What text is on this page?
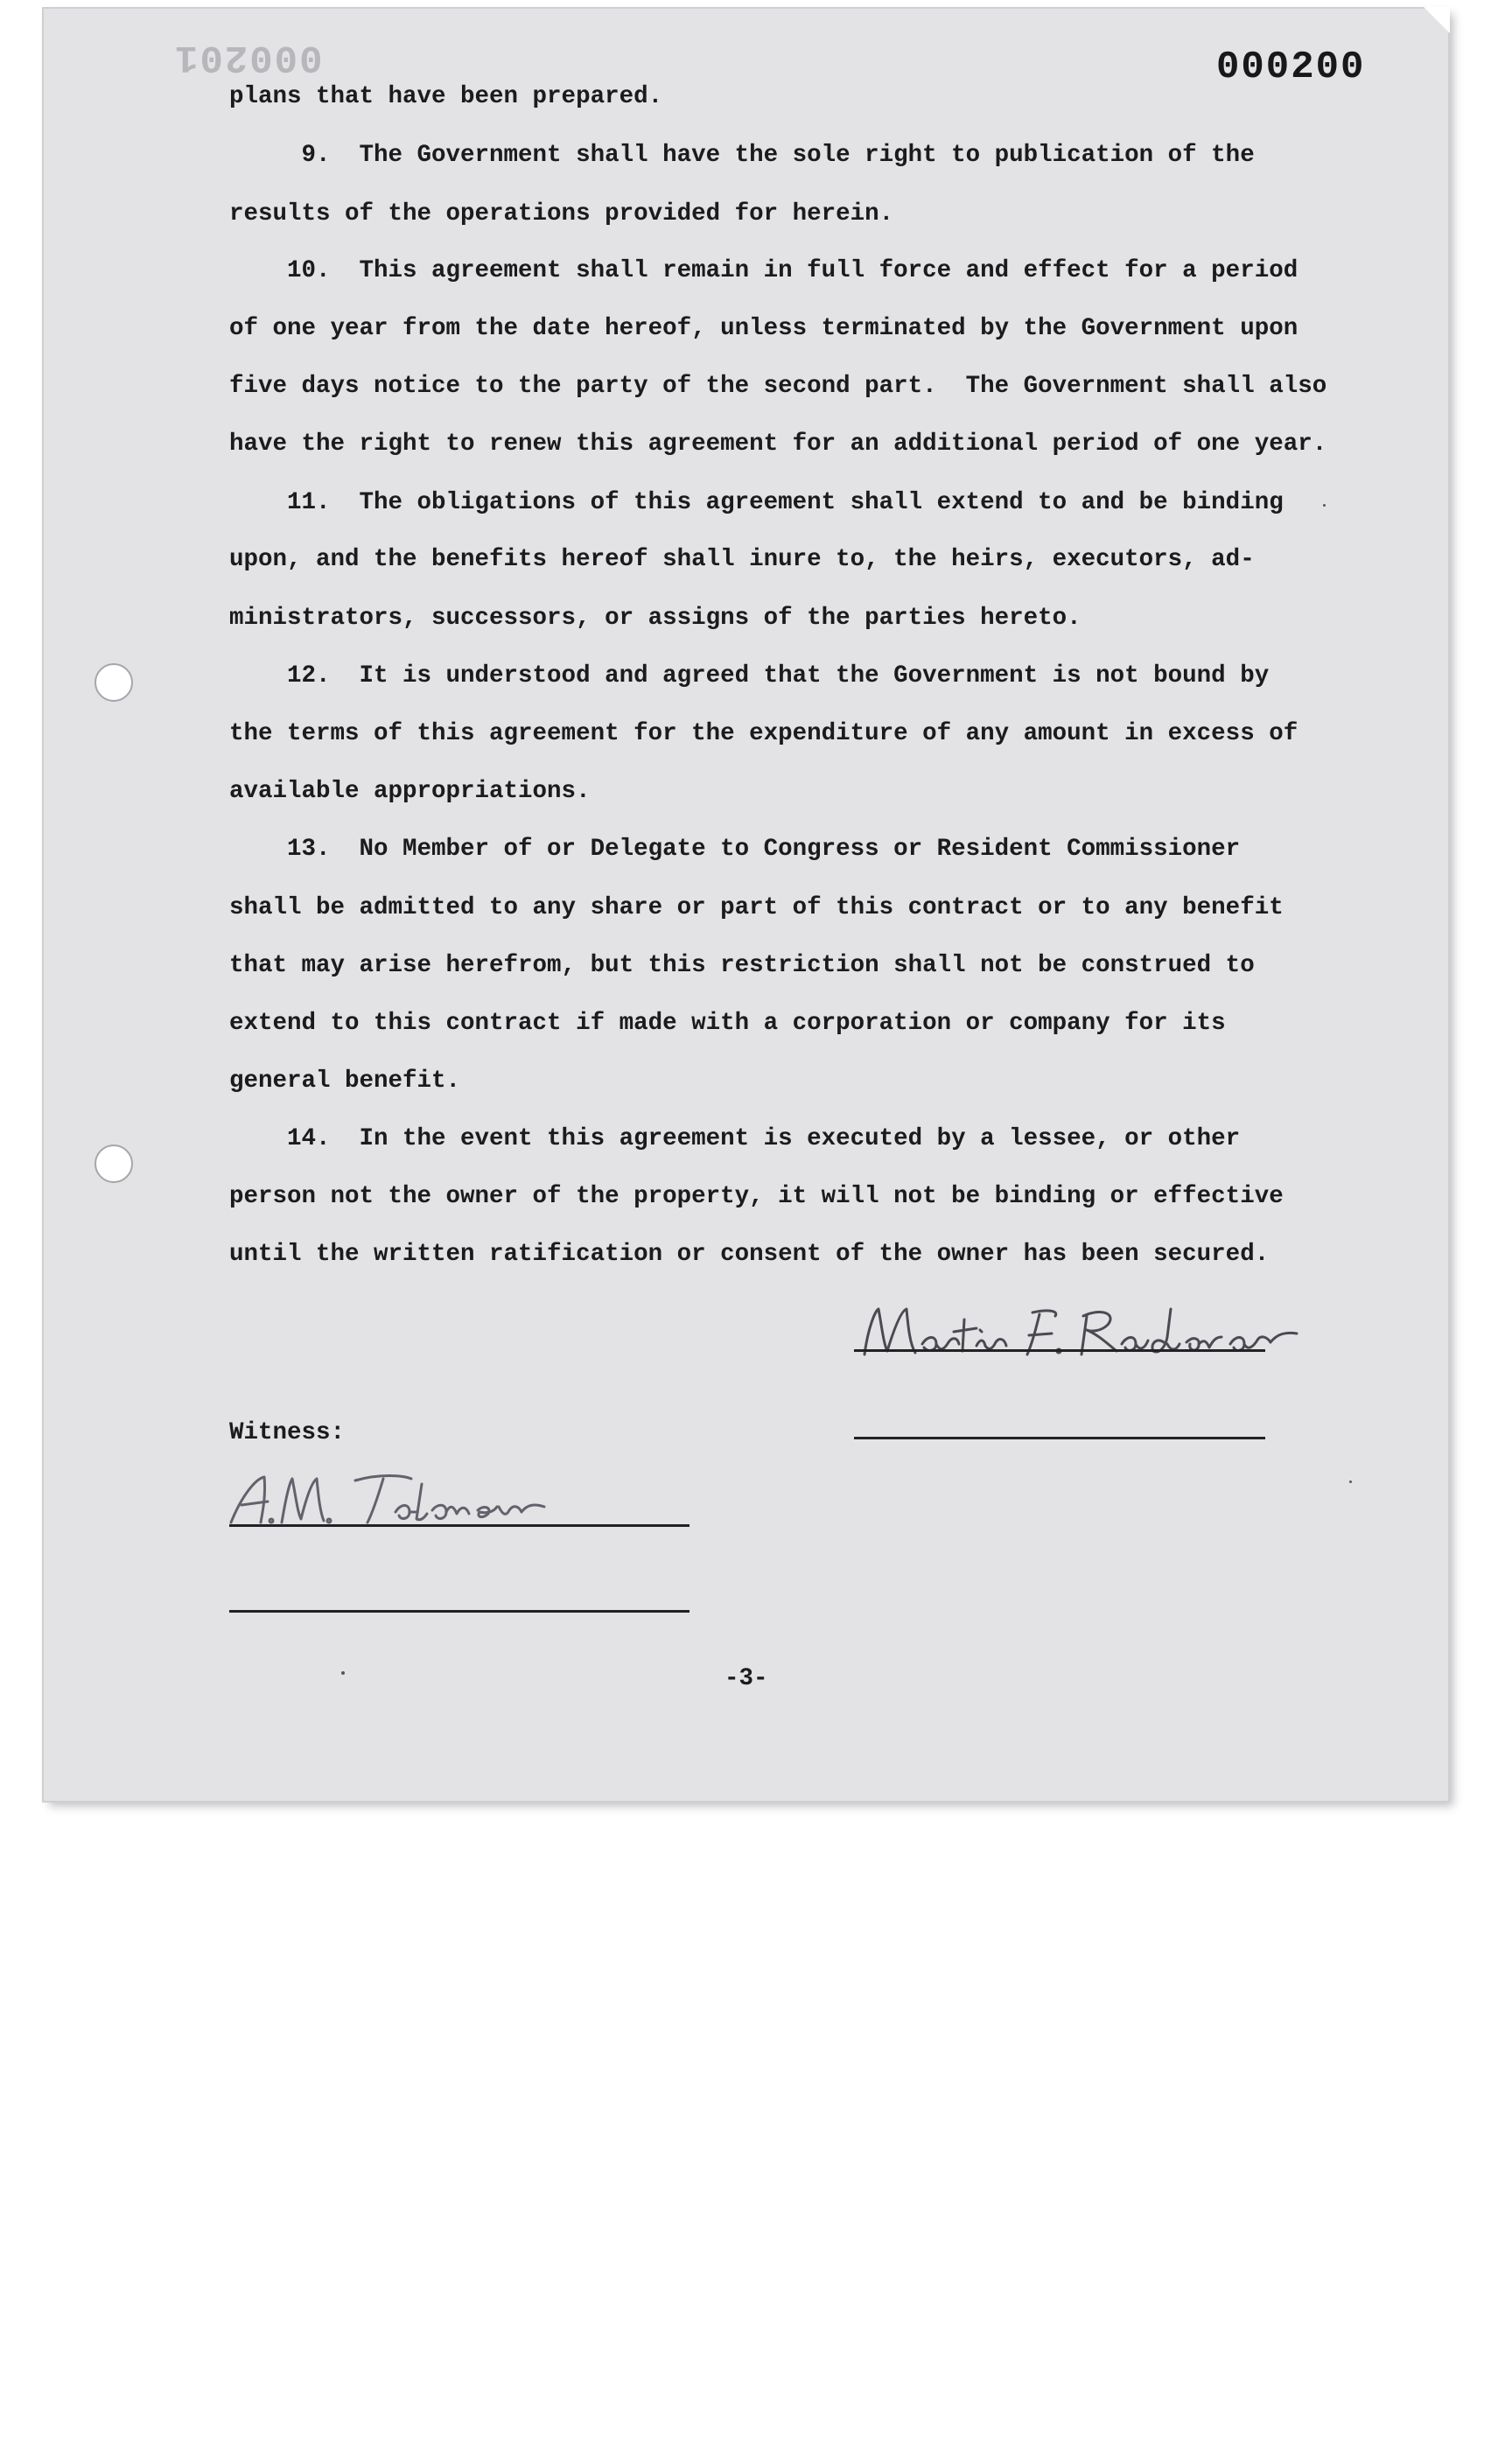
000201	000200
plans that have been prepared.
9.  The Government shall have the sole right to publication of the
results of the operations provided for herein.
10.  This agreement shall remain in full force and effect for a period
of one year from the date hereof, unless terminated by the Government upon
five days notice to the party of the second part.  The Government shall also
have the right to renew this agreement for an additional period of one year.
11.  The obligations of this agreement shall extend to and be binding
upon, and the benefits hereof shall inure to, the heirs, executors, ad-
ministrators, successors, or assigns of the parties hereto.
12.  It is understood and agreed that the Government is not bound by
the terms of this agreement for the expenditure of any amount in excess of
available appropriations.
13.  No Member of or Delegate to Congress or Resident Commissioner
shall be admitted to any share or part of this contract or to any benefit
that may arise herefrom, but this restriction shall not be construed to
extend to this contract if made with a corporation or company for its
general benefit.
14.  In the event this agreement is executed by a lessee, or other
person not the owner of the property, it will not be binding or effective
until the written ratification or consent of the owner has been secured.
Witness:
-3-
